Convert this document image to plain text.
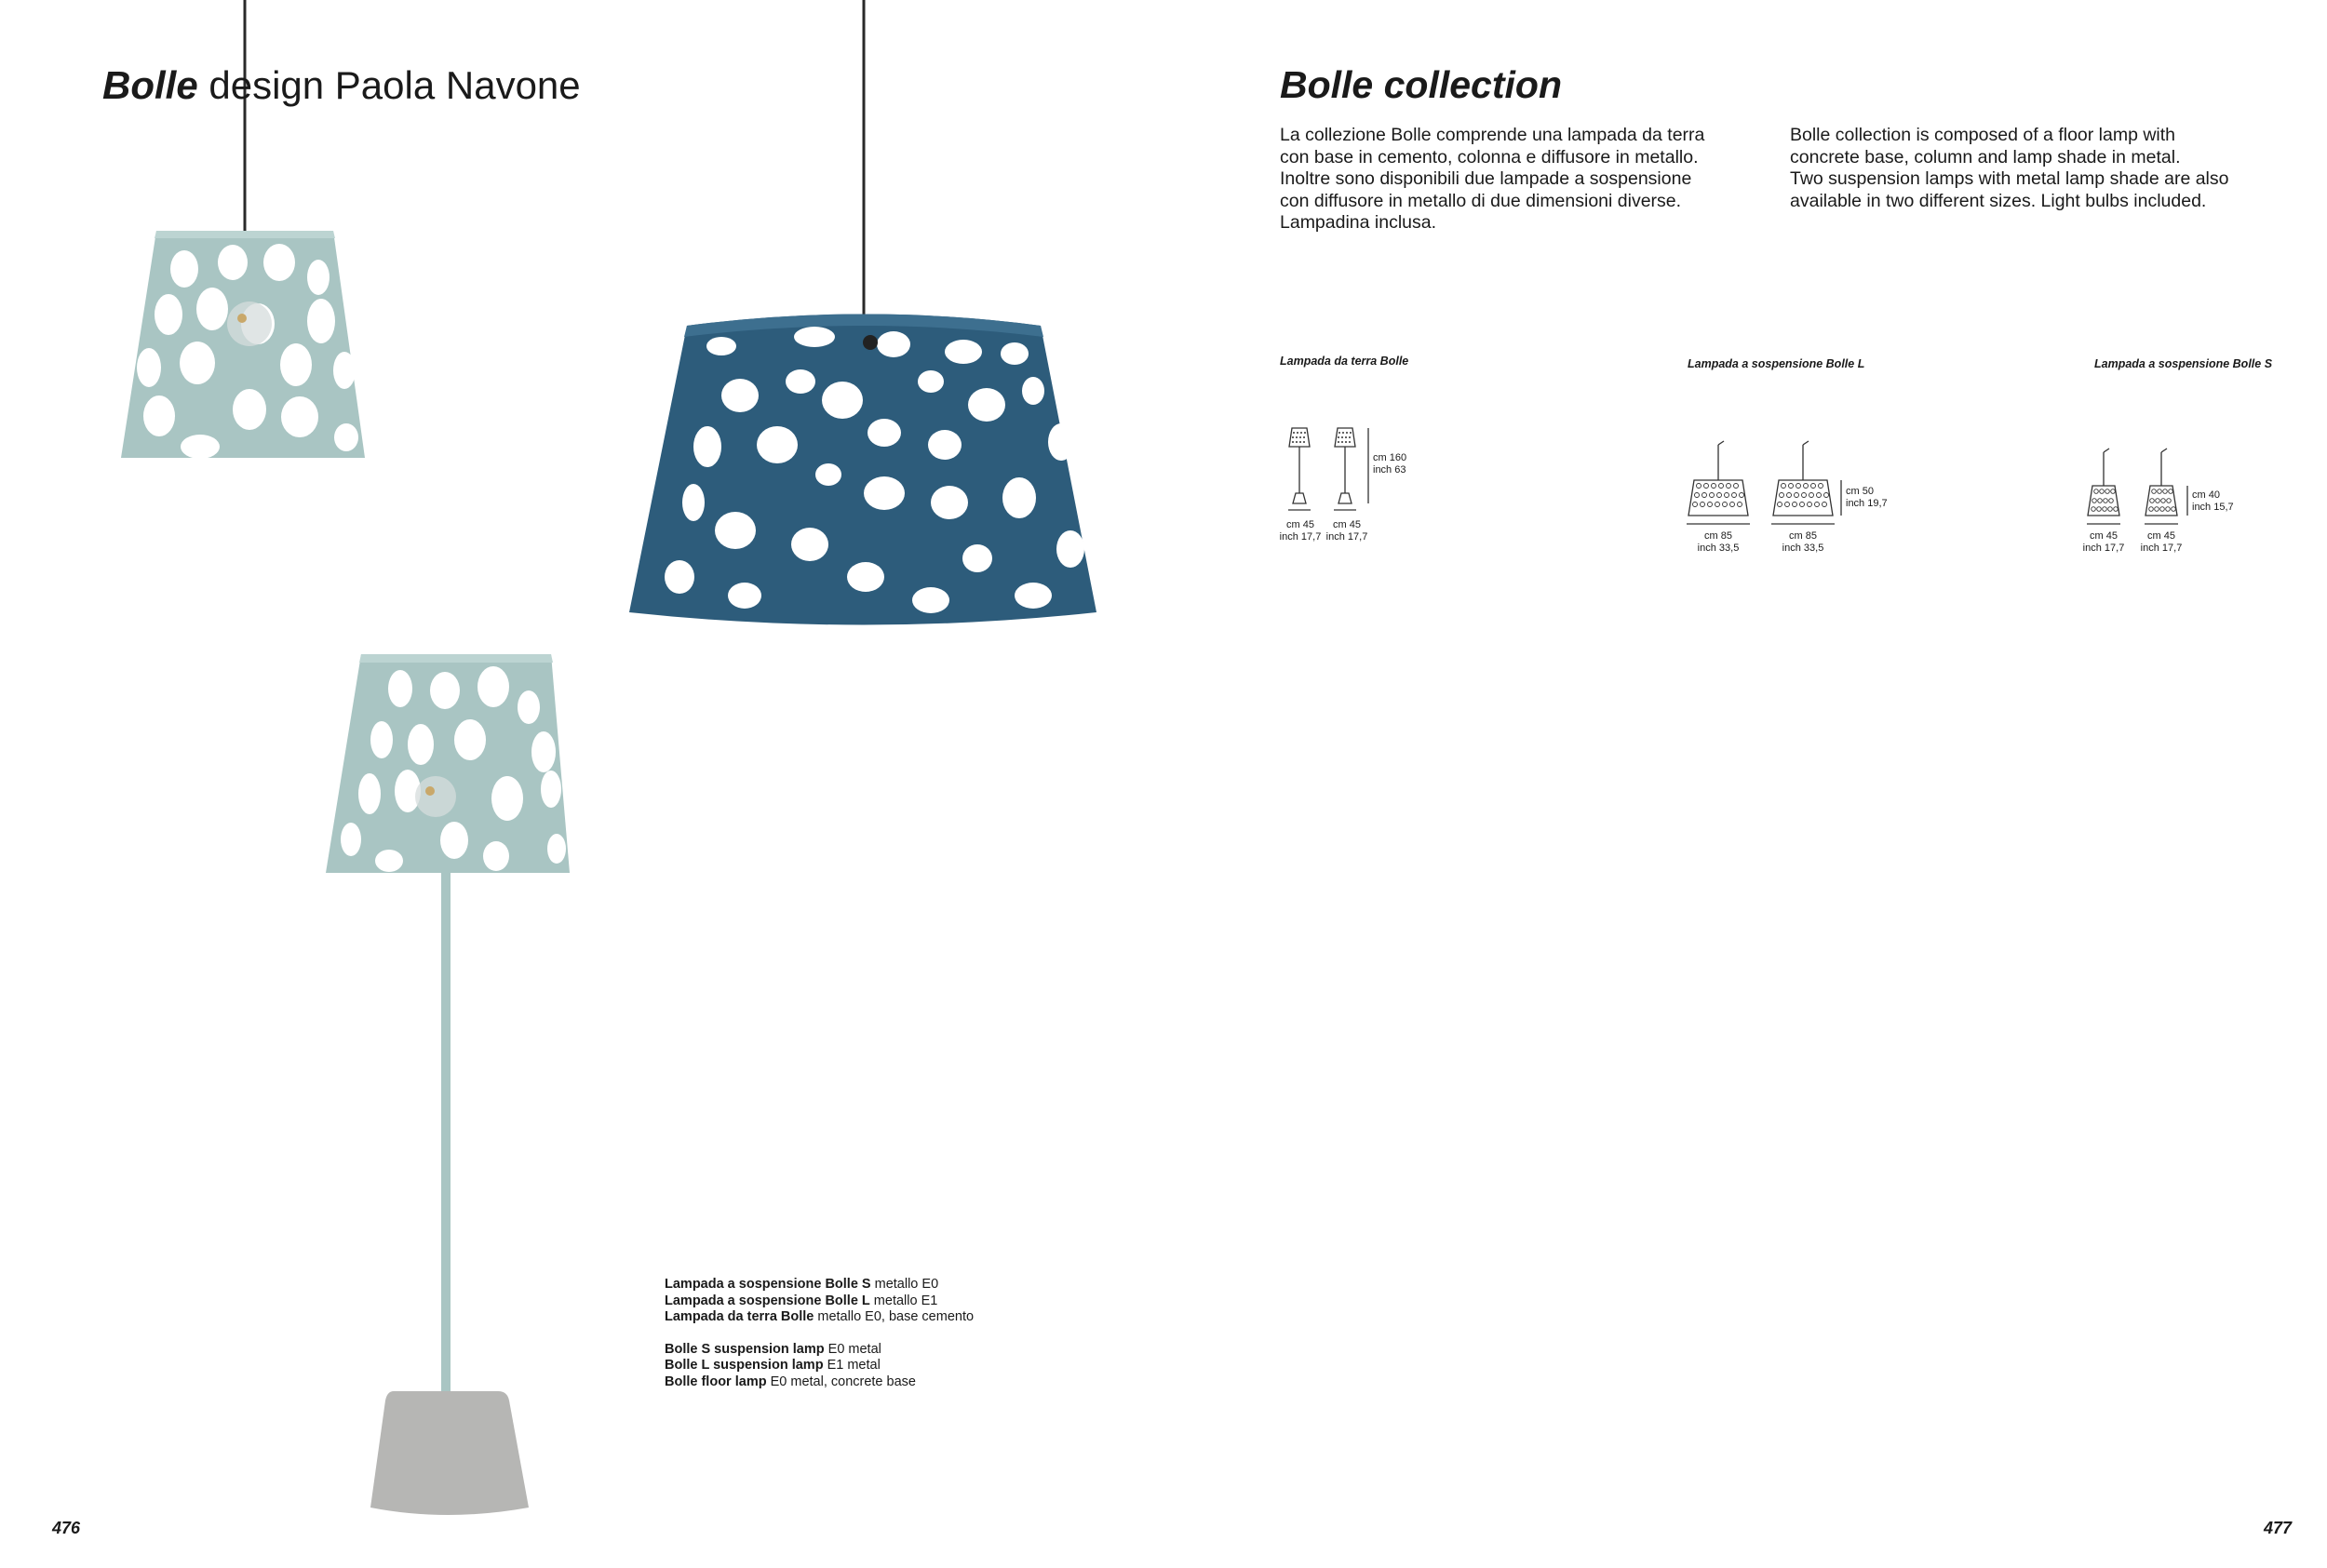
Bolle design Paola Navone
Lampada a sospensione Bolle S metallo E0
Lampada a sospensione Bolle L metallo E1
Lampada da terra Bolle metallo E0, base cemento
Bolle S suspension lamp E0 metal
Bolle L suspension lamp E1 metal
Bolle floor lamp E0 metal, concrete base
476
Bolle collection
La collezione Bolle comprende una lampada da terra
con base in cemento, colonna e diffusore in metallo.
Inoltre sono disponibili due lampade a sospensione
con diffusore in metallo di due dimensioni diverse.
Lampadina inclusa.
Bolle collection is composed of a floor lamp with
concrete base, column and lamp shade in metal.
Two suspension lamps with metal lamp shade are also
available in two different sizes. Light bulbs included.
Lampada da terra Bolle
cm 160
inch 63
cm 45
inch 17,7
cm 45
inch 17,7
Lampada a sospensione Bolle L
cm 50
inch 19,7
cm 85
inch 33,5
cm 85
inch 33,5
Lampada a sospensione Bolle S
cm 40
inch 15,7
cm 45
inch 17,7
cm 45
inch 17,7
477
